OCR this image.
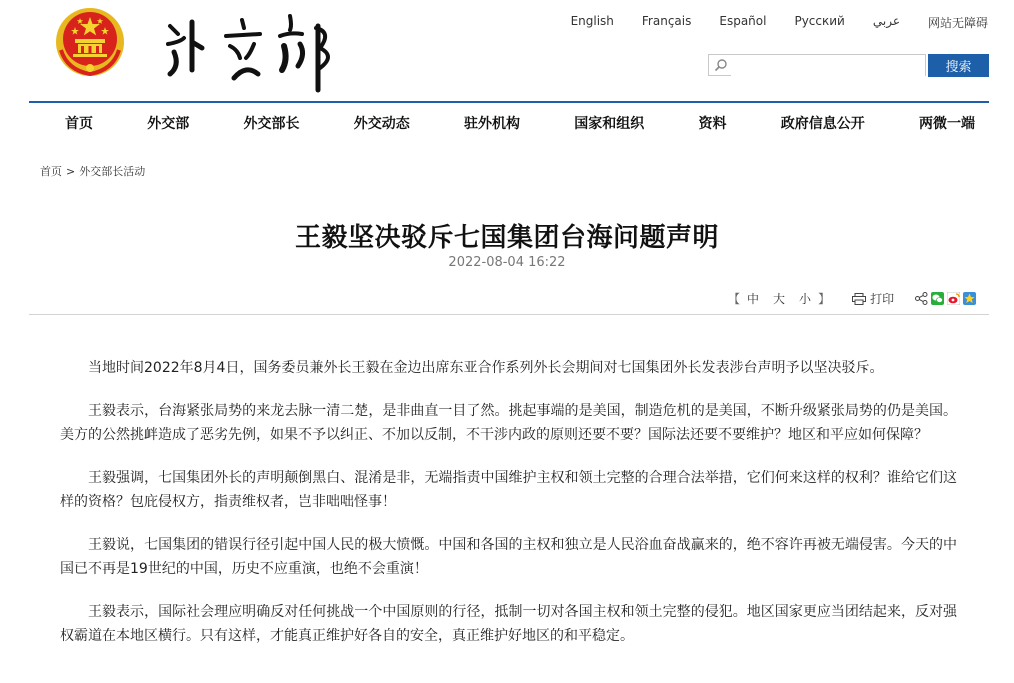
English Français Español Русский عربي 网站无障碍
搜索
首页	外交部	外交部长	外交动态	驻外机构	国家和组织	资料	政府信息公开	两微一端
首页 > 外交部长活动
王毅坚决驳斥七国集团台海问题声明
2022-08-04 16:22
【 中 大 小 】	打印

当地时间2022年8月4日，国务委员兼外长王毅在金边出席东亚合作系列外长会期间对七国集团外长发表涉台声明予以坚决驳斥。

王毅表示，台海紧张局势的来龙去脉一清二楚，是非曲直一目了然。挑起事端的是美国，制造危机的是美国，不断升级紧张局势的仍是美国。美方的公然挑衅造成了恶劣先例，如果不予以纠正、不加以反制，不干涉内政的原则还要不要？国际法还要不要维护？地区和平应如何保障？

王毅强调，七国集团外长的声明颠倒黑白、混淆是非，无端指责中国维护主权和领土完整的合理合法举措，它们何来这样的权利？谁给它们这样的资格？包庇侵权方，指责维权者，岂非咄咄怪事！

王毅说，七国集团的错误行径引起中国人民的极大愤慨。中国和各国的主权和独立是人民浴血奋战赢来的，绝不容许再被无端侵害。今天的中国已不再是19世纪的中国，历史不应重演，也绝不会重演！

王毅表示，国际社会理应明确反对任何挑战一个中国原则的行径，抵制一切对各国主权和领土完整的侵犯。地区国家更应当团结起来，反对强权霸道在本地区横行。只有这样，才能真正维护好各自的安全，真正维护好地区的和平稳定。
